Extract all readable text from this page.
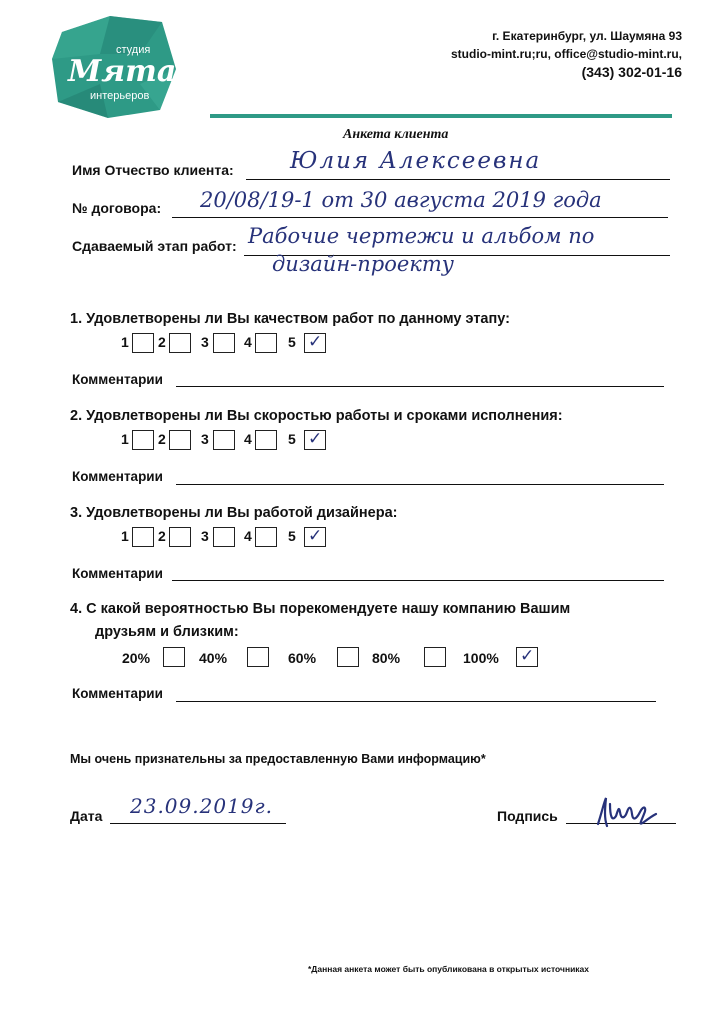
студия
Мята
интерьеров
г. Екатеринбург, ул. Шаумяна 93
studio-mint.ru;ru, office@studio-mint.ru,
(343) 302-01-16
Анкета клиента
Имя Отчество клиента: Юлия Алексеевна
№ договора: 20/08/19-1 от 30 августа 2019 года
Сдаваемый этап работ: Рабочие чертежи и альбом по
дизайн-проекту
1. Удовлетворены ли Вы качеством работ по данному этапу:
1 2	3	4	5 ✓
Комментарии
2. Удовлетворены ли Вы скоростью работы и сроками исполнения:
1 2	3	4	5 ✓
Комментарии
3. Удовлетворены ли Вы работой дизайнера:
1 2	3	4	5 ✓
Комментарии
4. С какой вероятностью Вы порекомендуете нашу компанию Вашим
друзьям и близким:
20%	40%	60%	80%	100% ✓
Комментарии
Мы очень признательны за предоставленную Вами информацию*
Дата 23.09.2019г.	Подпись
*Данная анкета может быть опубликована в открытых источниках
